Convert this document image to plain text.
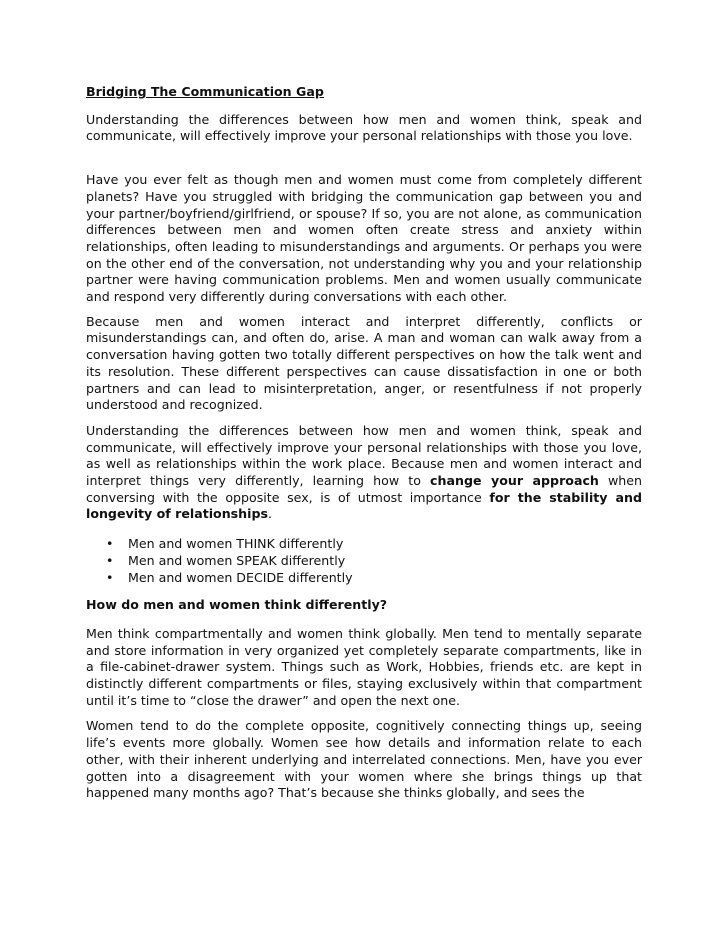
Bridging The Communication Gap

Understanding the differences between how men and women think, speak and communicate, will effectively improve your personal relationships with those you love.

Have you ever felt as though men and women must come from completely different planets? Have you struggled with bridging the communication gap between you and your partner/boyfriend/girlfriend, or spouse? If so, you are not alone, as communication differences between men and women often create stress and anxiety within relationships, often leading to misunderstandings and arguments. Or perhaps you were on the other end of the conversation, not understanding why you and your relationship partner were having communication problems. Men and women usually communicate and respond very differently during conversations with each other.

Because men and women interact and interpret differently, conflicts or misunderstandings can, and often do, arise. A man and woman can walk away from a conversation having gotten two totally different perspectives on how the talk went and its resolution. These different perspectives can cause dissatisfaction in one or both partners and can lead to misinterpretation, anger, or resentfulness if not properly understood and recognized.

Understanding the differences between how men and women think, speak and communicate, will effectively improve your personal relationships with those you love, as well as relationships within the work place. Because men and women interact and interpret things very differently, learning how to change your approach when conversing with the opposite sex, is of utmost importance for the stability and longevity of relationships.

• Men and women THINK differently
• Men and women SPEAK differently
• Men and women DECIDE differently
How do men and women think differently?

Men think compartmentally and women think globally. Men tend to mentally separate and store information in very organized yet completely separate compartments, like in a file-cabinet-drawer system. Things such as Work, Hobbies, friends etc. are kept in distinctly different compartments or files, staying exclusively within that compartment until it’s time to “close the drawer” and open the next one.

Women tend to do the complete opposite, cognitively connecting things up, seeing life’s events more globally. Women see how details and information relate to each other, with their inherent underlying and interrelated connections. Men, have you ever gotten into a disagreement with your women where she brings things up that happened many months ago? That’s because she thinks globally, and sees the
